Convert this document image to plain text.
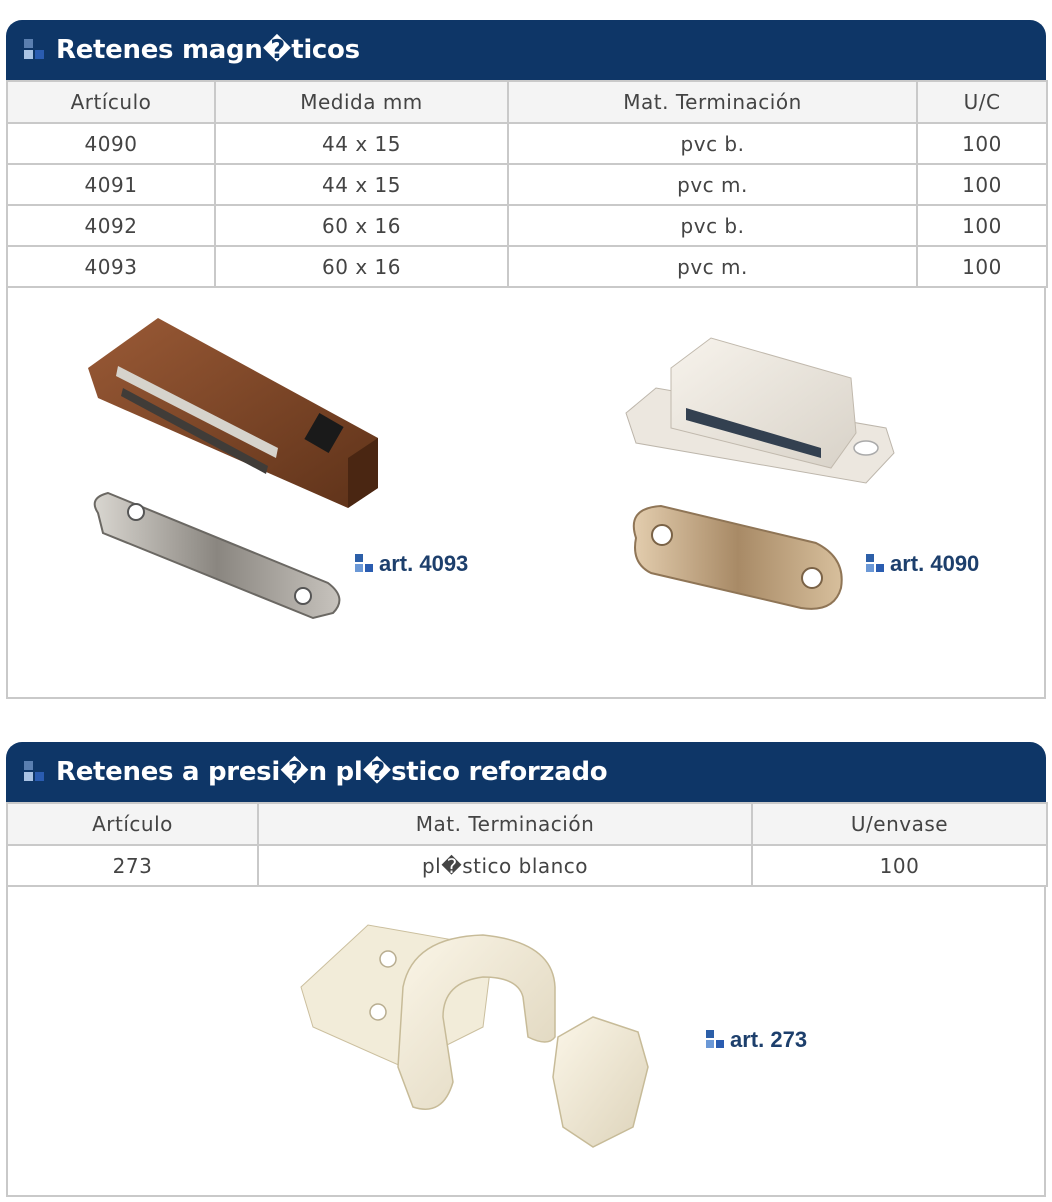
Retenes magn�ticos
Artículo	Medida mm	Mat. Terminación	U/C
4090	44 x 15	pvc b.	100
4091	44 x 15	pvc m.	100
4092	60 x 16	pvc b.	100
4093	60 x 16	pvc m.	100
art. 4093	art. 4090
Retenes a presi�n pl�stico reforzado
Artículo	Mat. Terminación	U/envase
273	pl�stico blanco	100
art. 273
